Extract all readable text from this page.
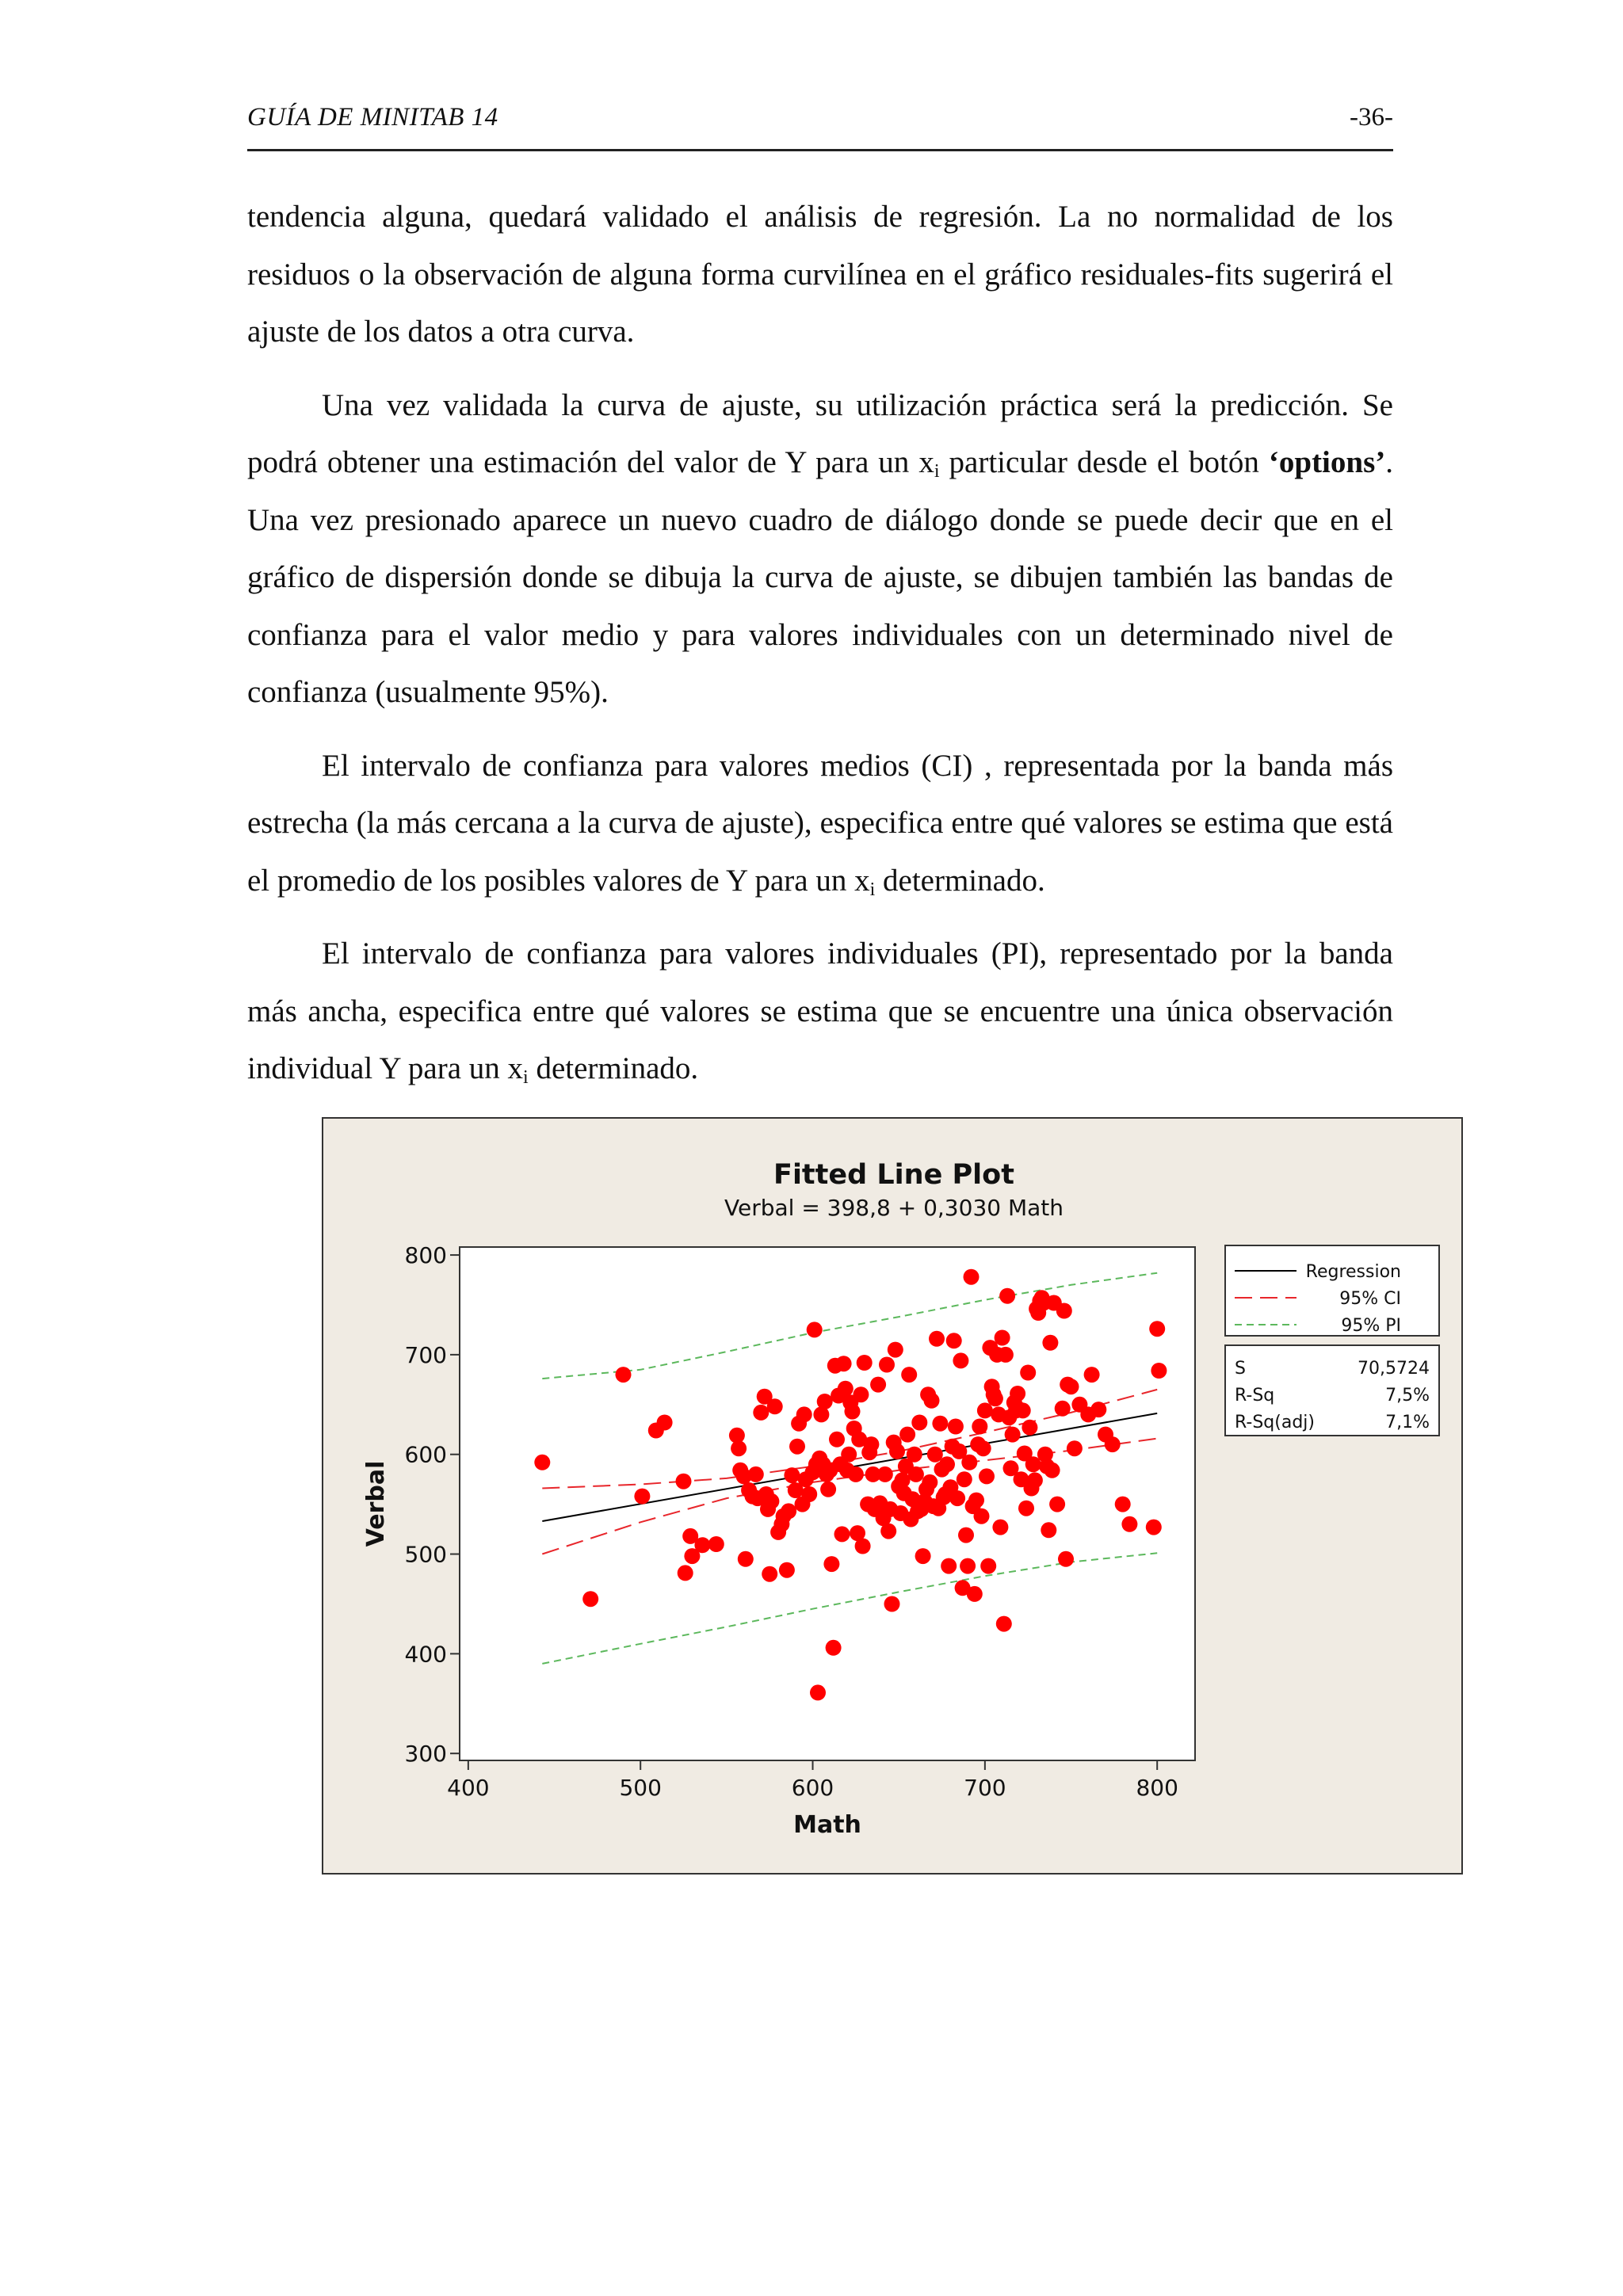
GUÍA DE MINITAB 14	-36-

tendencia alguna, quedará validado el análisis de regresión. La no normalidad de los residuos o la observación de alguna forma curvilínea en el gráfico residuales-fits sugerirá el ajuste de los datos a otra curva.

Una vez validada la curva de ajuste, su utilización práctica será la predicción. Se podrá obtener una estimación del valor de Y para un $x_i$ particular desde el botón ‘options’. Una vez presionado aparece un nuevo cuadro de diálogo donde se puede decir que en el gráfico de dispersión donde se dibuja la curva de ajuste, se dibujen también las bandas de confianza para el valor medio y para valores individuales con un determinado nivel de confianza (usualmente 95%).

El intervalo de confianza para valores medios (CI) , representada por la banda más estrecha (la más cercana a la curva de ajuste), especifica entre qué valores se estima que está el promedio de los posibles valores de Y para un $x_i$ determinado.

El intervalo de confianza para valores individuales (PI), representado por la banda más ancha, especifica entre qué valores se estima que se encuentre una única observación individual Y para un $x_i$ determinado.

Fitted Line Plot
Verbal = 398,8 + 0,3030 Math
400	500	600	700	800
300
400
500
600
700
800
Math
Verbal
Regression
95% CI
95% PI
S	70,5724
R-Sq	7,5%
R-Sq(adj)	7,1%
